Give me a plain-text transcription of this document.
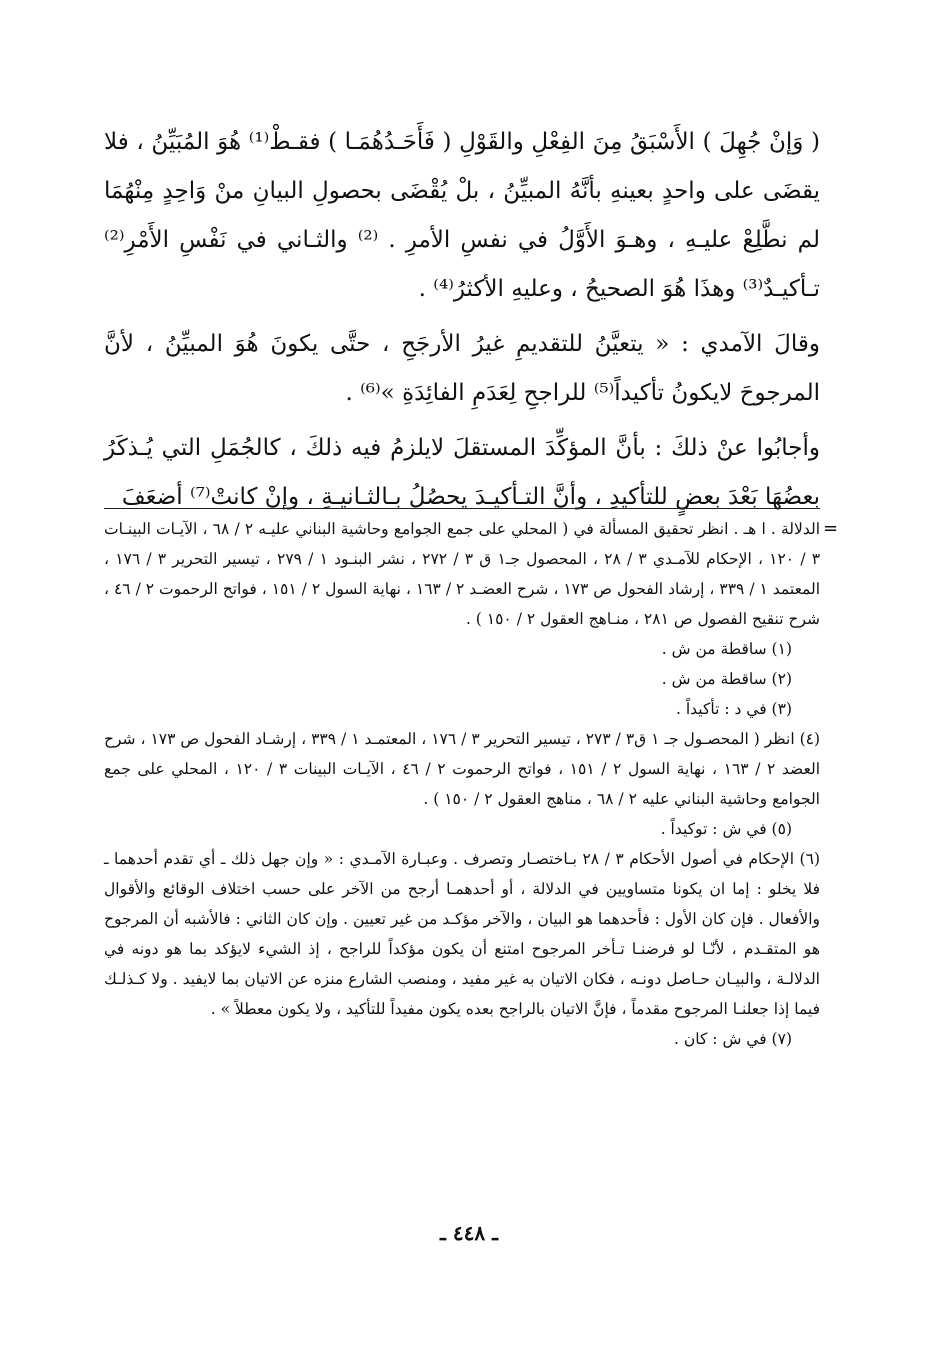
( وَإنْ جُهِلَ ) الأَسْبَقُ مِنَ الفِعْلِ والقَوْلِ ( فَأَحَـدُهُمَـا ) فقـطْ⁽¹⁾ هُوَ المُبَيِّنُ ، فلا يقضَى على واحدٍ بعينهِ بأنَّهُ المبيِّنُ ، بلْ يُقْضَى بحصولِ البيانِ منْ وَاحِدٍ مِنْهُمَا لم نطَّلِعْ عليـهِ ، وهـوَ الأَوَّلُ في نفسِ الأمرِ . ⁽²⁾ والثـاني في نَفْسِ الأَمْرِ⁽²⁾ تـأكيـدٌ⁽³⁾ وهذَا هُوَ الصحيحُ ، وعليهِ الأكثرُ⁽⁴⁾ .

وقالَ الآمدي : « يتعيَّنُ للتقديمِ غيرُ الأرجَحِ ، حتَّى يكونَ هُوَ المبيِّنُ ، لأنَّ المرجوحَ لايكونُ تأكيداً⁽⁵⁾ للراجحِ لِعَدَمِ الفائِدَةِ »⁽⁶⁾ .

وأجابُوا عنْ ذلكَ : بأنَّ المؤكِّدَ المستقلَ لايلزمُ فيه ذلكَ ، كالجُمَلِ التي يُـذكَرُ بعضُهَا بَعْدَ بعضٍ للتأكيدِ ، وأنَّ التـأكيـدَ يحصُلُ بـالثـانيـةِ ، وإنْ كانتْ⁽⁷⁾ أضعَفَ

=

الدلالة . ا هـ . انظر تحقيق المسألة في ( المحلي على جمع الجوامع وحاشية البناني عليـه ٢ / ٦٨ ، الآيـات البينـات ٣ / ١٢٠ ، الإحكام للآمـدي ٣ / ٢٨ ، المحصول جـ١ ق ٣ / ٢٧٢ ، نشر البنـود ١ / ٢٧٩ ، تيسير التحرير ٣ / ١٧٦ ، المعتمد ١ / ٣٣٩ ، إرشاد الفحول ص ١٧٣ ، شرح العضـد ٢ / ١٦٣ ، نهاية السول ٢ / ١٥١ ، فواتح الرحموت ٢ / ٤٦ ، شرح تنقيح الفصول ص ٢٨١ ، منـاهج العقول ٢ / ١٥٠ ) .

(١) ساقطة من ش .

(٢) ساقطة من ش .

(٣) في د : تأكيداً .

(٤) انظر ( المحصـول جـ ١ ق٣ / ٢٧٣ ، تيسير التحرير ٣ / ١٧٦ ، المعتمـد ١ / ٣٣٩ ، إرشـاد الفحول ص ١٧٣ ، شرح العضد ٢ / ١٦٣ ، نهاية السول ٢ / ١٥١ ، فواتح الرحموت ٢ / ٤٦ ، الآيـات البينات ٣ / ١٢٠ ، المحلي على جمع الجوامع وحاشية البناني عليه ٢ / ٦٨ ، مناهج العقول ٢ / ١٥٠ ) .

(٥) في ش : توكيداً .

(٦) الإحكام في أصول الأحكام ٣ / ٢٨ بـاختصـار وتصرف . وعبـارة الآمـدي : « وإن جهل ذلك ـ أي تقدم أحدهما ـ فلا يخلو : إما ان يكونا متساويين في الدلالة ، أو أحدهمـا أرجح من الآخر على حسب اختلاف الوقائع والأقوال والأفعال . فإن كان الأول : فأحدهما هو البيان ، والآخر مؤكـد من غير تعيين . وإن كان الثاني : فالأشبه أن المرجوح هو المتقـدم ، لأنّـا لو فرضنـا تـأخر المرجوح امتنع أن يكون مؤكداً للراجح ، إذ الشيء لايؤكد بما هو دونه في الدلالـة ، والبيـان حـاصل دونـه ، فكان الاتيان به غير مفيد ، ومنصب الشارع منزه عن الاتيان بما لايفيد . ولا كـذلـك فيما إذا جعلنـا المرجوح مقدماً ، فإنَّ الاتيان بالراجح بعده يكون مفيداً للتأكيد ، ولا يكون معطلاً » .

(٧) في ش : كان .

ـ ٤٤٨ ـ
